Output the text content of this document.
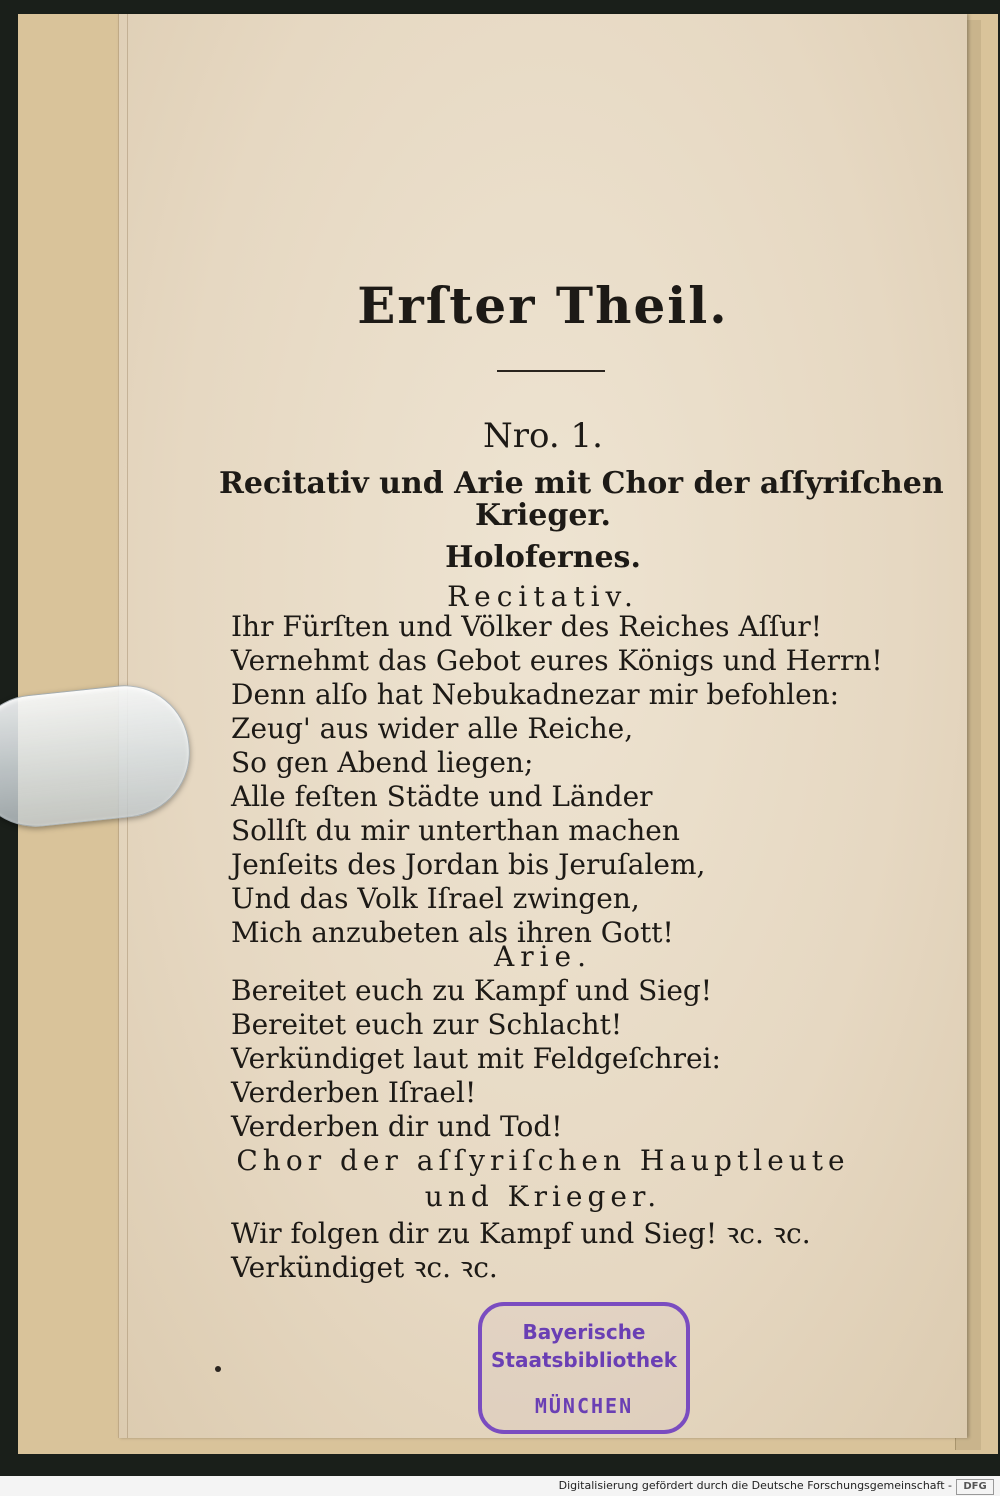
Erſter Theil.
Nro. 1.
Recitativ und Arie mit Chor der aſſyriſchen
Krieger.
Holofernes.
Recitativ.
Ihr Fürſten und Völker des Reiches Aſſur!
Vernehmt das Gebot eures Königs und Herrn!
Denn alſo hat Nebukadnezar mir befohlen:
Zeug' aus wider alle Reiche,
So gen Abend liegen;
Alle feſten Städte und Länder
Sollſt du mir unterthan machen
Jenſeits des Jordan bis Jeruſalem,
Und das Volk Iſrael zwingen,
Mich anzubeten als ihren Gott!
Arie.
Bereitet euch zu Kampf und Sieg!
Bereitet euch zur Schlacht!
Verkündiget laut mit Feldgeſchrei:
Verderben Iſrael!
Verderben dir und Tod!
Chor der aſſyriſchen Hauptleute
und Krieger.
Wir folgen dir zu Kampf und Sieg! ꝛc. ꝛc.
Verkündiget ꝛc. ꝛc.
Bayerische
Staatsbibliothek
MÜNCHEN
Digitalisierung gefördert durch die Deutsche Forschungsgemeinschaft -	DFG
